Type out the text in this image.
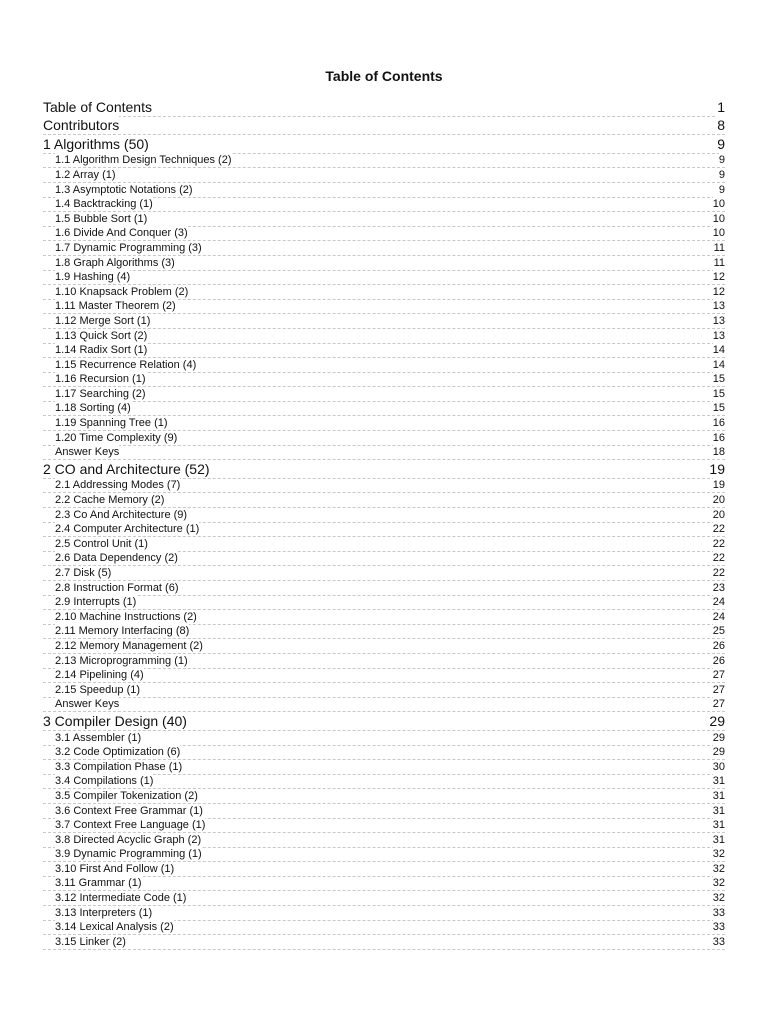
Table of Contents
Table of Contents	1
Contributors	8
1 Algorithms (50)	9
1.1 Algorithm Design Techniques (2)	9
1.2 Array (1)	9
1.3 Asymptotic Notations (2)	9
1.4 Backtracking (1)	10
1.5 Bubble Sort (1)	10
1.6 Divide And Conquer (3)	10
1.7 Dynamic Programming (3)	11
1.8 Graph Algorithms (3)	11
1.9 Hashing (4)	12
1.10 Knapsack Problem (2)	12
1.11 Master Theorem (2)	13
1.12 Merge Sort (1)	13
1.13 Quick Sort (2)	13
1.14 Radix Sort (1)	14
1.15 Recurrence Relation (4)	14
1.16 Recursion (1)	15
1.17 Searching (2)	15
1.18 Sorting (4)	15
1.19 Spanning Tree (1)	16
1.20 Time Complexity (9)	16
Answer Keys	18
2 CO and Architecture (52)	19
2.1 Addressing Modes (7)	19
2.2 Cache Memory (2)	20
2.3 Co And Architecture (9)	20
2.4 Computer Architecture (1)	22
2.5 Control Unit (1)	22
2.6 Data Dependency (2)	22
2.7 Disk (5)	22
2.8 Instruction Format (6)	23
2.9 Interrupts (1)	24
2.10 Machine Instructions (2)	24
2.11 Memory Interfacing (8)	25
2.12 Memory Management (2)	26
2.13 Microprogramming (1)	26
2.14 Pipelining (4)	27
2.15 Speedup (1)	27
Answer Keys	27
3 Compiler Design (40)	29
3.1 Assembler (1)	29
3.2 Code Optimization (6)	29
3.3 Compilation Phase (1)	30
3.4 Compilations (1)	31
3.5 Compiler Tokenization (2)	31
3.6 Context Free Grammar (1)	31
3.7 Context Free Language (1)	31
3.8 Directed Acyclic Graph (2)	31
3.9 Dynamic Programming (1)	32
3.10 First And Follow (1)	32
3.11 Grammar (1)	32
3.12 Intermediate Code (1)	32
3.13 Interpreters (1)	33
3.14 Lexical Analysis (2)	33
3.15 Linker (2)	33
